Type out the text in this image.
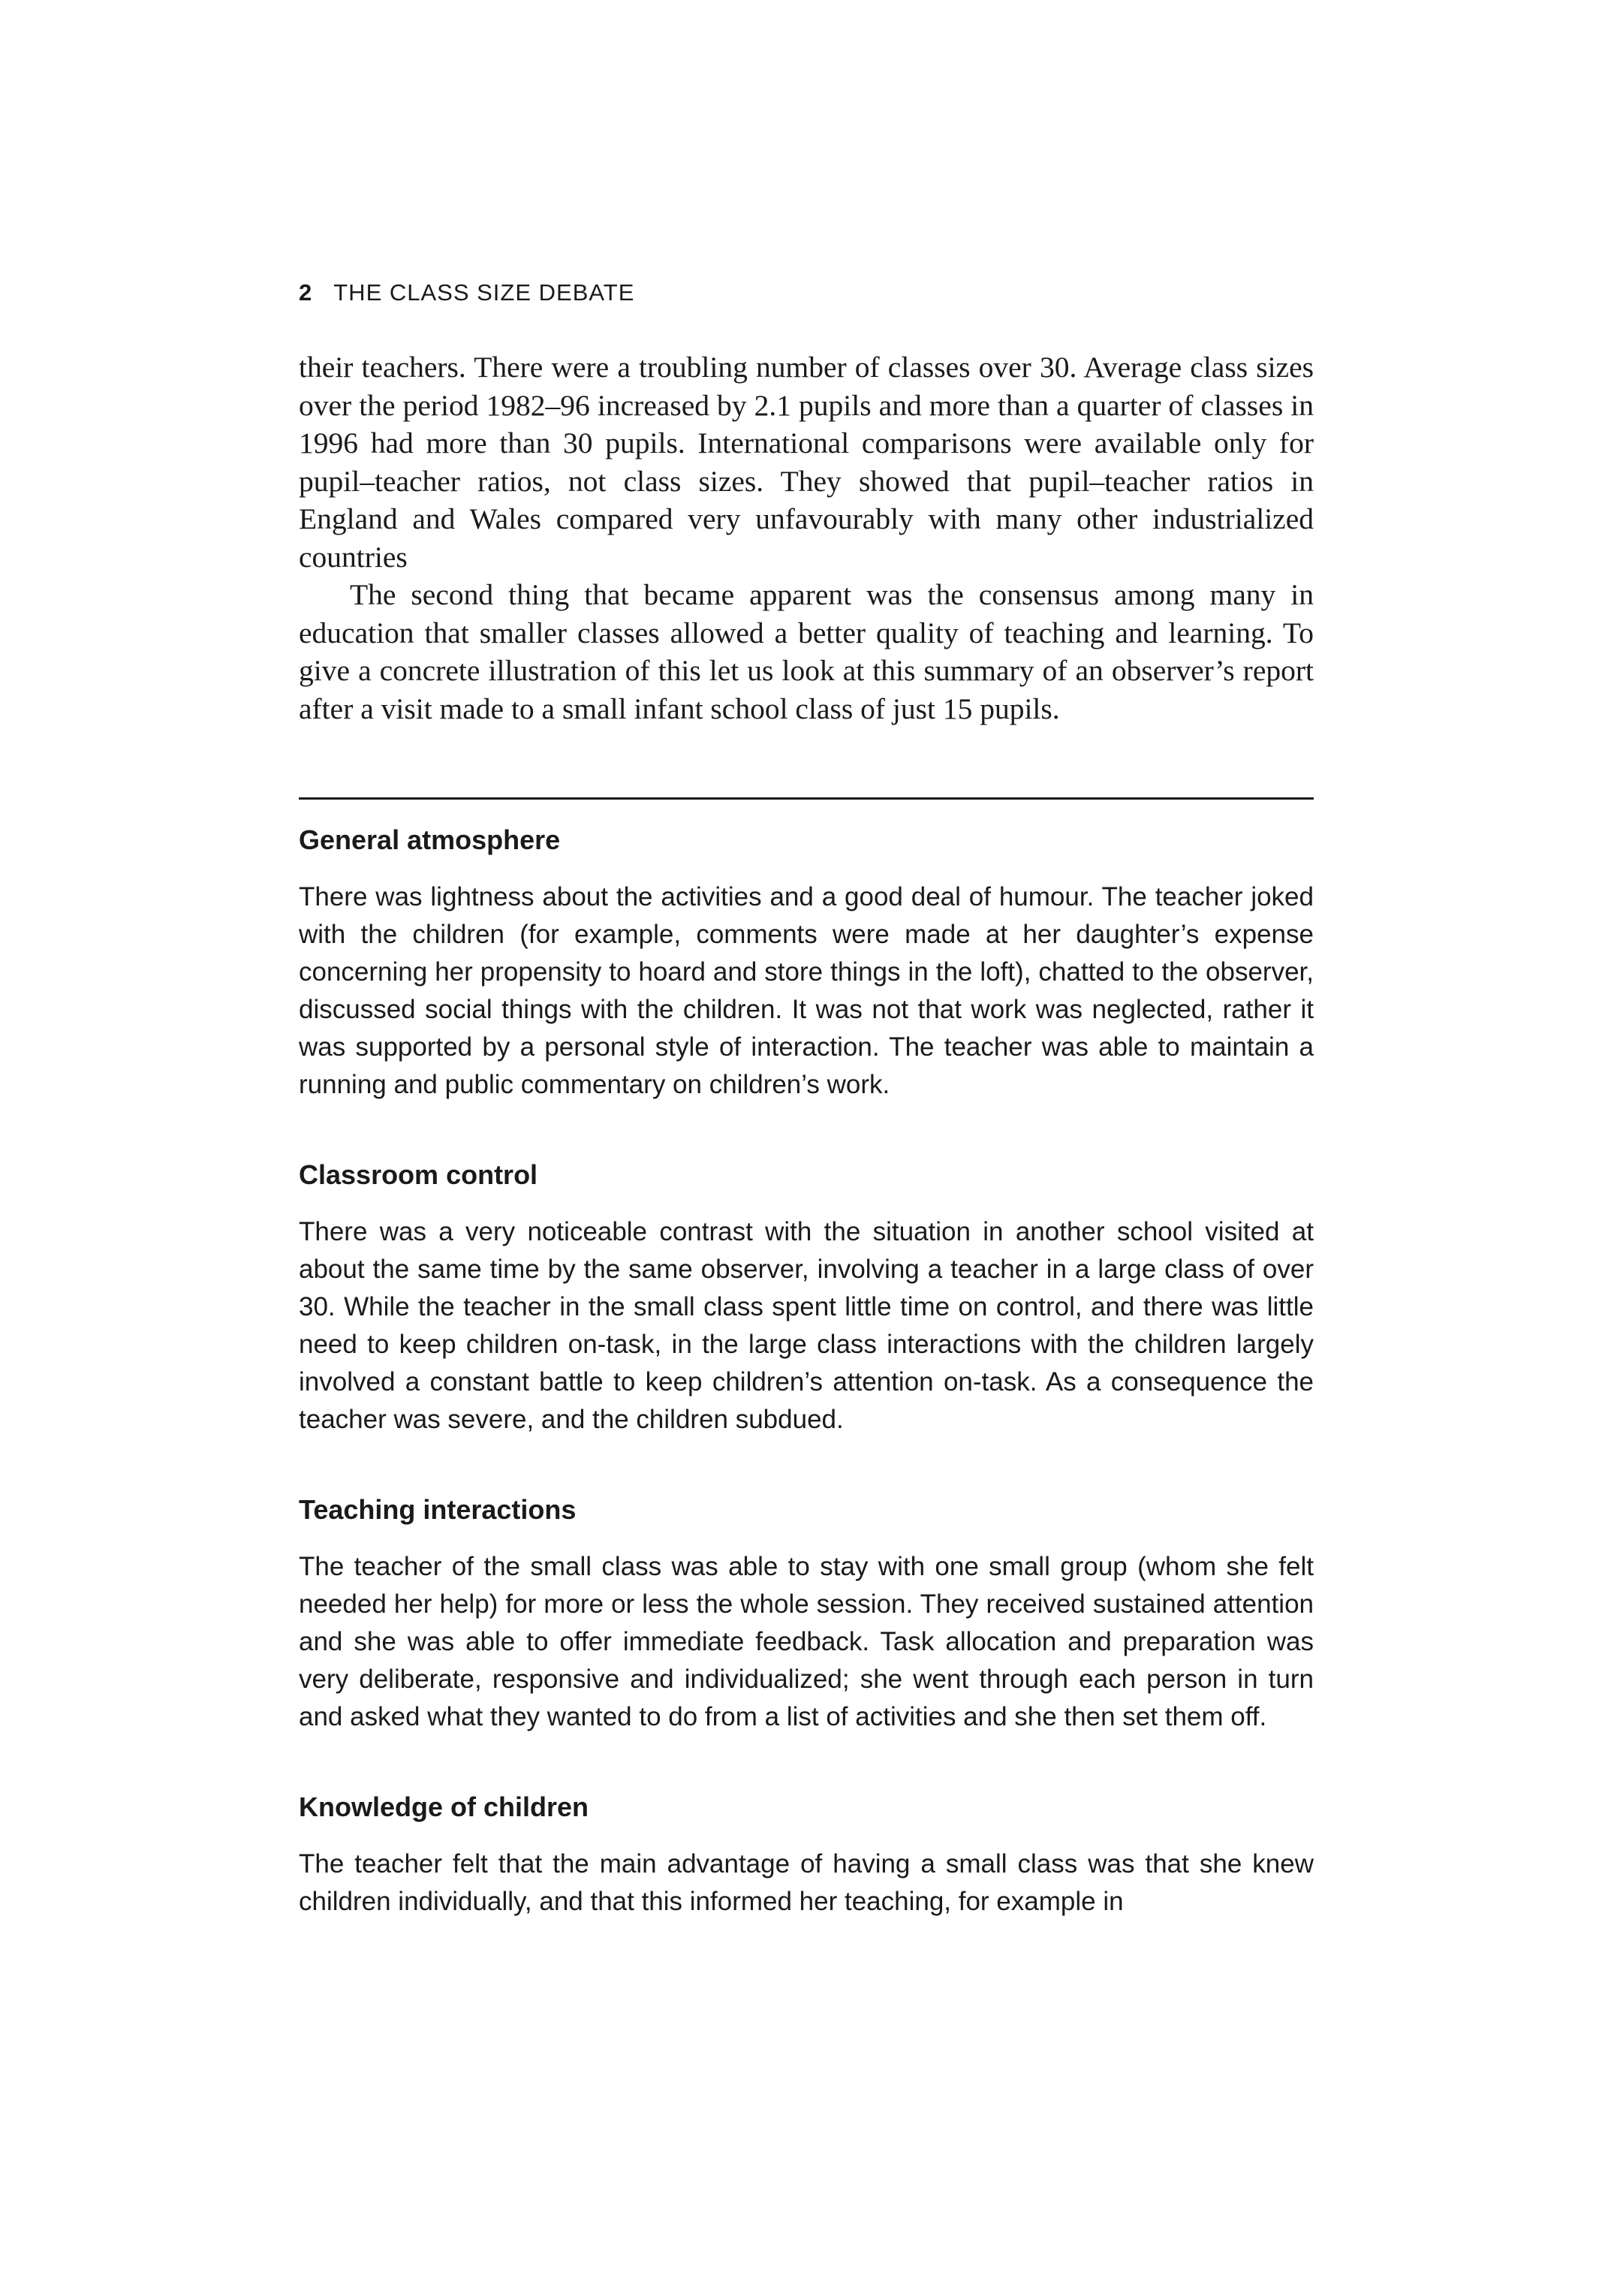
2 THE CLASS SIZE DEBATE

their teachers. There were a troubling number of classes over 30. Average class sizes over the period 1982–96 increased by 2.1 pupils and more than a quarter of classes in 1996 had more than 30 pupils. International comparisons were available only for pupil–teacher ratios, not class sizes. They showed that pupil–teacher ratios in England and Wales compared very unfavourably with many other industrialized countries

The second thing that became apparent was the consensus among many in education that smaller classes allowed a better quality of teaching and learning. To give a concrete illustration of this let us look at this summary of an observer’s report after a visit made to a small infant school class of just 15 pupils.

General atmosphere

There was lightness about the activities and a good deal of humour. The teacher joked with the children (for example, comments were made at her daughter’s expense concerning her propensity to hoard and store things in the loft), chatted to the observer, discussed social things with the children. It was not that work was neglected, rather it was supported by a personal style of interaction. The teacher was able to maintain a running and public commentary on children’s work.

Classroom control

There was a very noticeable contrast with the situation in another school visited at about the same time by the same observer, involving a teacher in a large class of over 30. While the teacher in the small class spent little time on control, and there was little need to keep children on-task, in the large class interactions with the children largely involved a constant battle to keep children’s attention on-task. As a consequence the teacher was severe, and the children subdued.

Teaching interactions

The teacher of the small class was able to stay with one small group (whom she felt needed her help) for more or less the whole session. They received sustained attention and she was able to offer immediate feedback. Task allocation and preparation was very deliberate, responsive and individualized; she went through each person in turn and asked what they wanted to do from a list of activities and she then set them off.

Knowledge of children

The teacher felt that the main advantage of having a small class was that she knew children individually, and that this informed her teaching, for example in
